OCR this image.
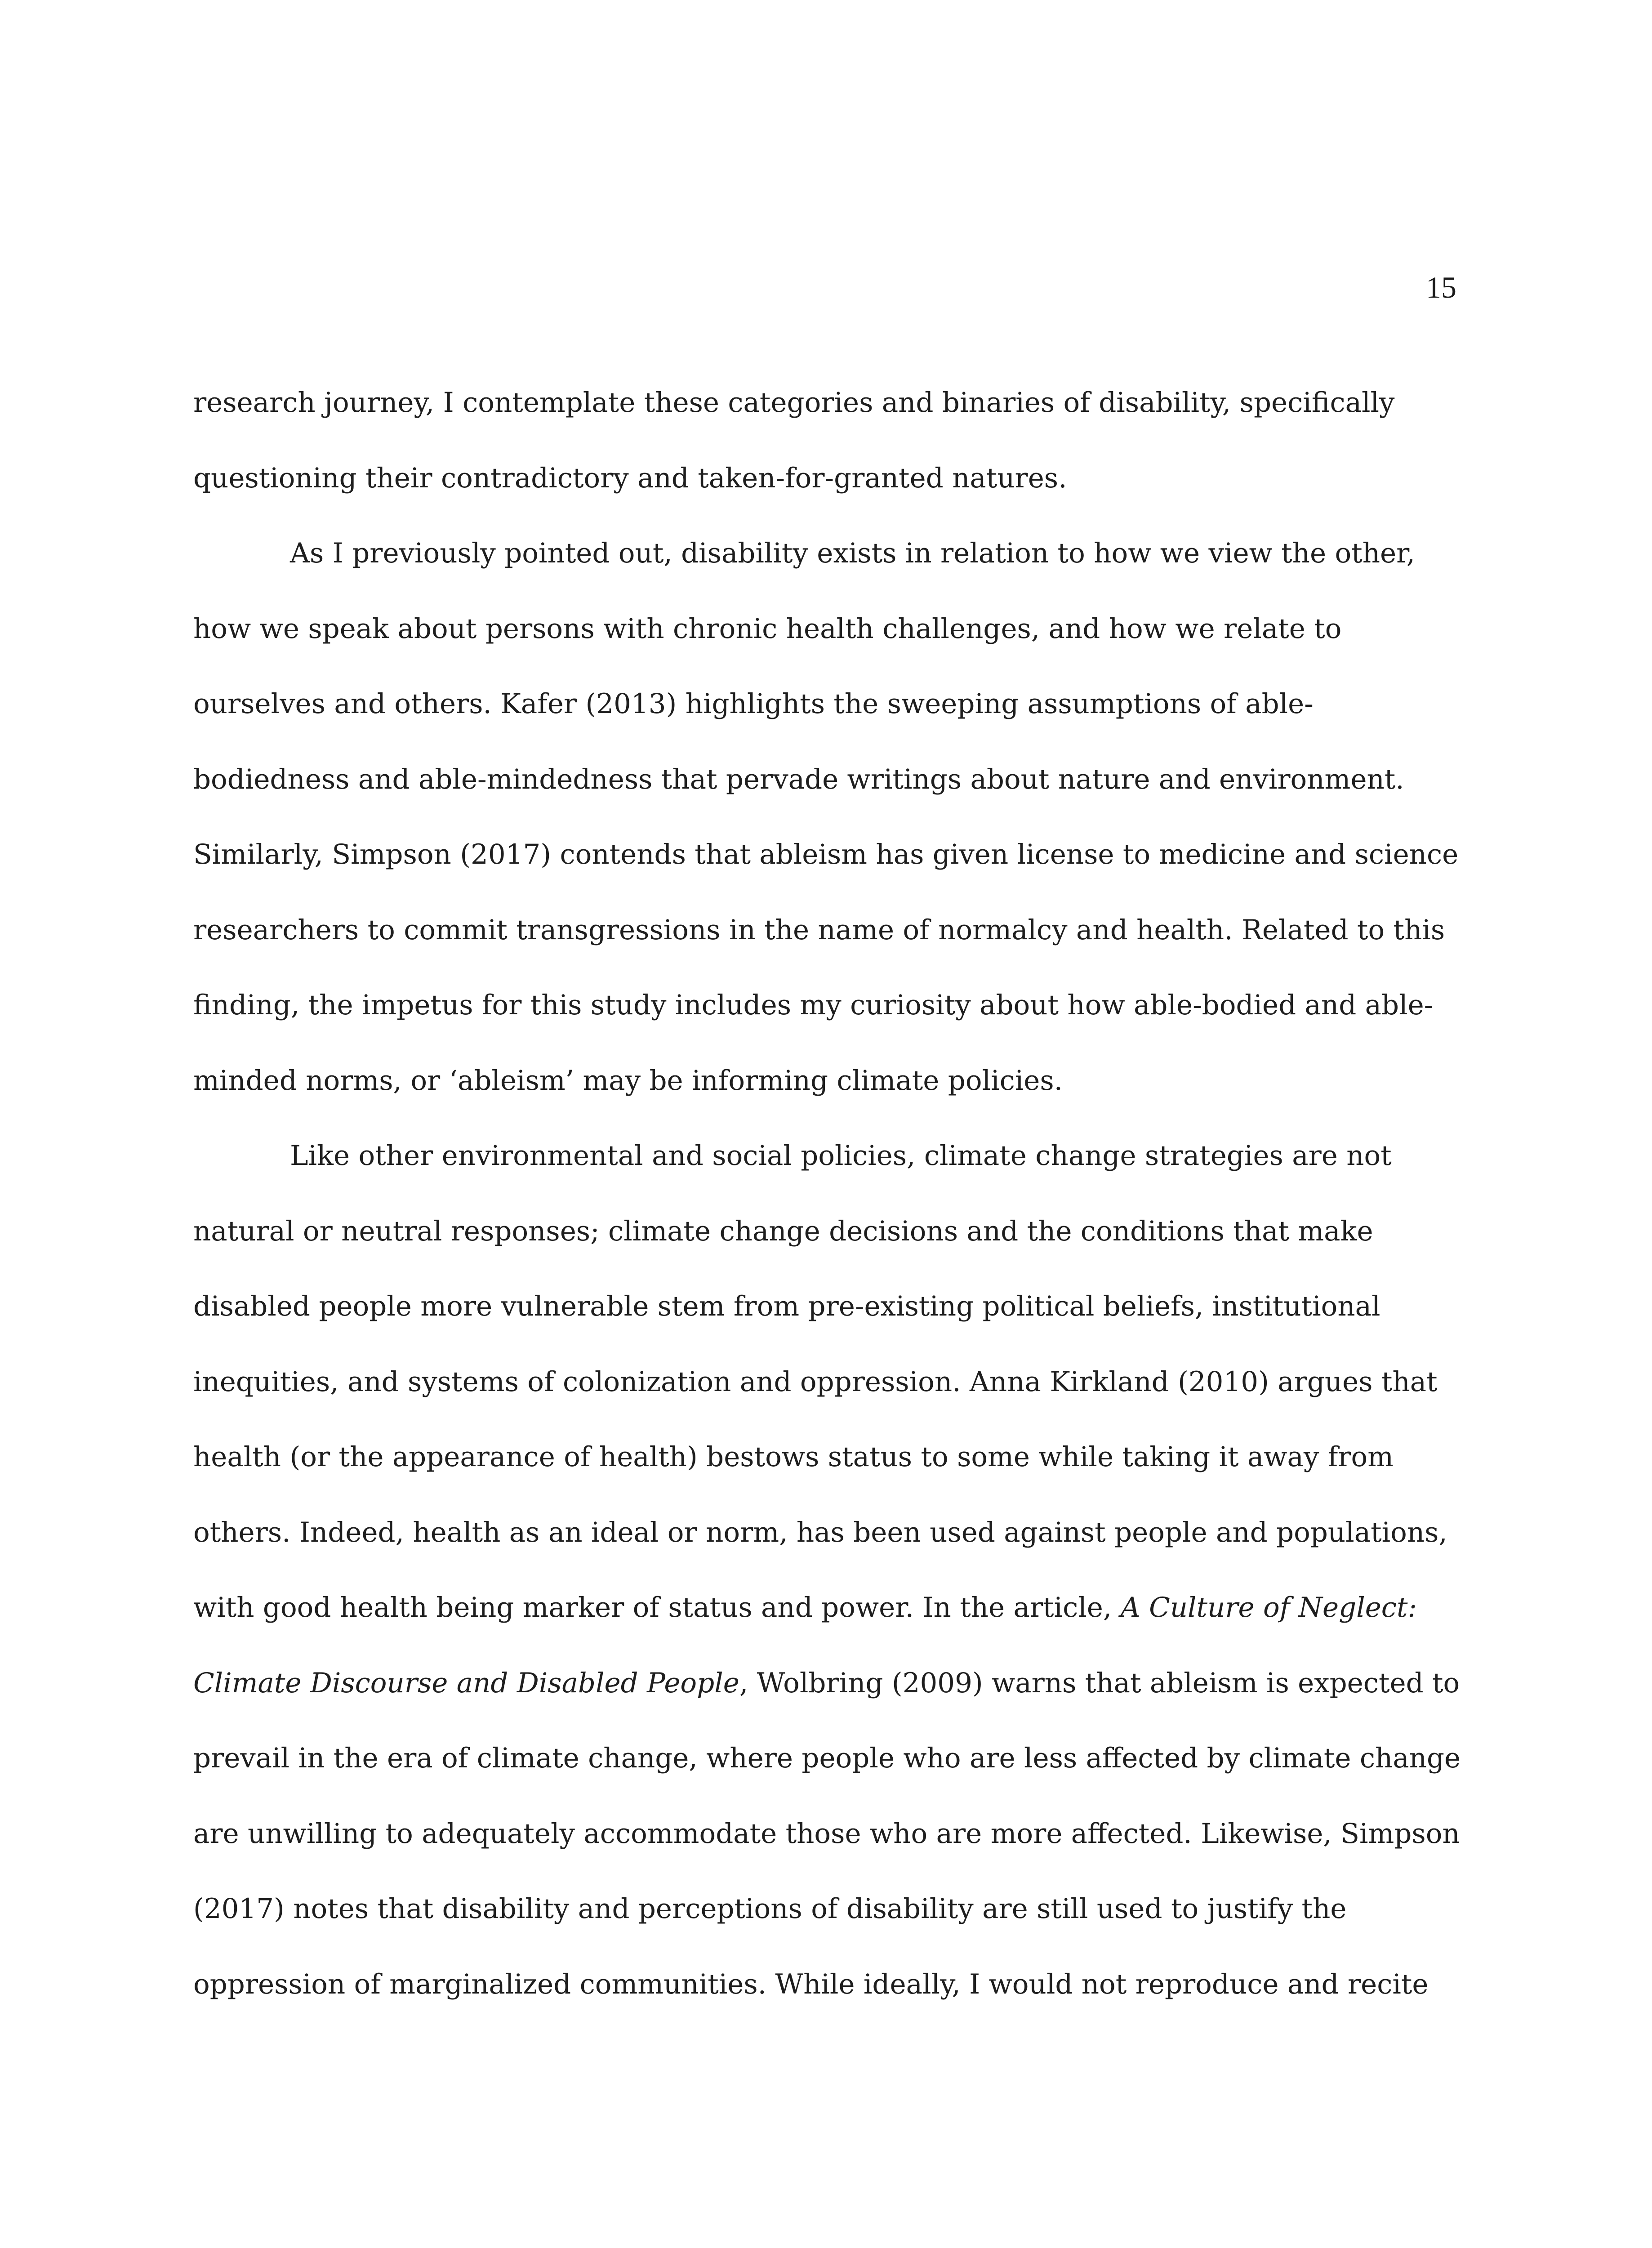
15
research journey, I contemplate these categories and binaries of disability, specifically
questioning their contradictory and taken-for-granted natures.
As I previously pointed out, disability exists in relation to how we view the other,
how we speak about persons with chronic health challenges, and how we relate to
ourselves and others. Kafer (2013) highlights the sweeping assumptions of able-
bodiedness and able-mindedness that pervade writings about nature and environment.
Similarly, Simpson (2017) contends that ableism has given license to medicine and science
researchers to commit transgressions in the name of normalcy and health. Related to this
finding, the impetus for this study includes my curiosity about how able-bodied and able-
minded norms, or ‘ableism’ may be informing climate policies.
Like other environmental and social policies, climate change strategies are not
natural or neutral responses; climate change decisions and the conditions that make
disabled people more vulnerable stem from pre-existing political beliefs, institutional
inequities, and systems of colonization and oppression. Anna Kirkland (2010) argues that
health (or the appearance of health) bestows status to some while taking it away from
others. Indeed, health as an ideal or norm, has been used against people and populations,
with good health being marker of status and power. In the article, A Culture of Neglect:
Climate Discourse and Disabled People, Wolbring (2009) warns that ableism is expected to
prevail in the era of climate change, where people who are less affected by climate change
are unwilling to adequately accommodate those who are more affected. Likewise, Simpson
(2017) notes that disability and perceptions of disability are still used to justify the
oppression of marginalized communities. While ideally, I would not reproduce and recite
